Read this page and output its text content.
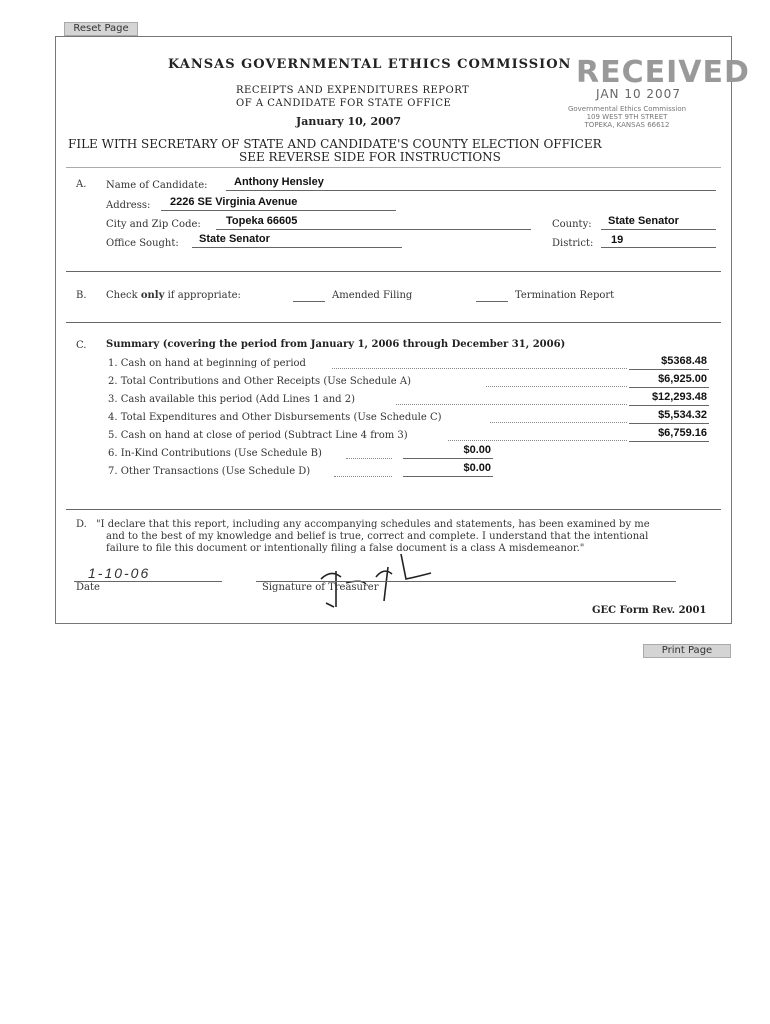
Reset Page
KANSAS GOVERNMENTAL ETHICS COMMISSION RECEIVED
JAN 10 2007
Governmental Ethics Commission
109 WEST 9TH STREET
TOPEKA, KANSAS 66612
RECEIPTS AND EXPENDITURES REPORT
OF A CANDIDATE FOR STATE OFFICE
January 10, 2007
FILE WITH SECRETARY OF STATE AND CANDIDATE'S COUNTY ELECTION OFFICER
SEE REVERSE SIDE FOR INSTRUCTIONS
A. Name of Candidate: Anthony Hensley
Address: 2226 SE Virginia Avenue
City and Zip Code: Topeka 66605	County: State Senator
Office Sought: State Senator	District: 19
B. Check only if appropriate:	Amended Filing	Termination Report
C. Summary (covering the period from January 1, 2006 through December 31, 2006)
1. Cash on hand at beginning of period	$5368.48
2. Total Contributions and Other Receipts (Use Schedule A)	$6,925.00
3. Cash available this period (Add Lines 1 and 2)	$12,293.48
4. Total Expenditures and Other Disbursements (Use Schedule C)	$5,534.32
5. Cash on hand at close of period (Subtract Line 4 from 3)	$6,759.16
6. In-Kind Contributions (Use Schedule B)	$0.00
7. Other Transactions (Use Schedule D)	$0.00
D. "I declare that this report, including any accompanying schedules and statements, has been examined by me
and to the best of my knowledge and belief is true, correct and complete. I understand that the intentional
failure to file this document or intentionally filing a false document is a class A misdemeanor."
1-10-06
Date	Signature of Treasurer
GEC Form Rev. 2001
Print Page
